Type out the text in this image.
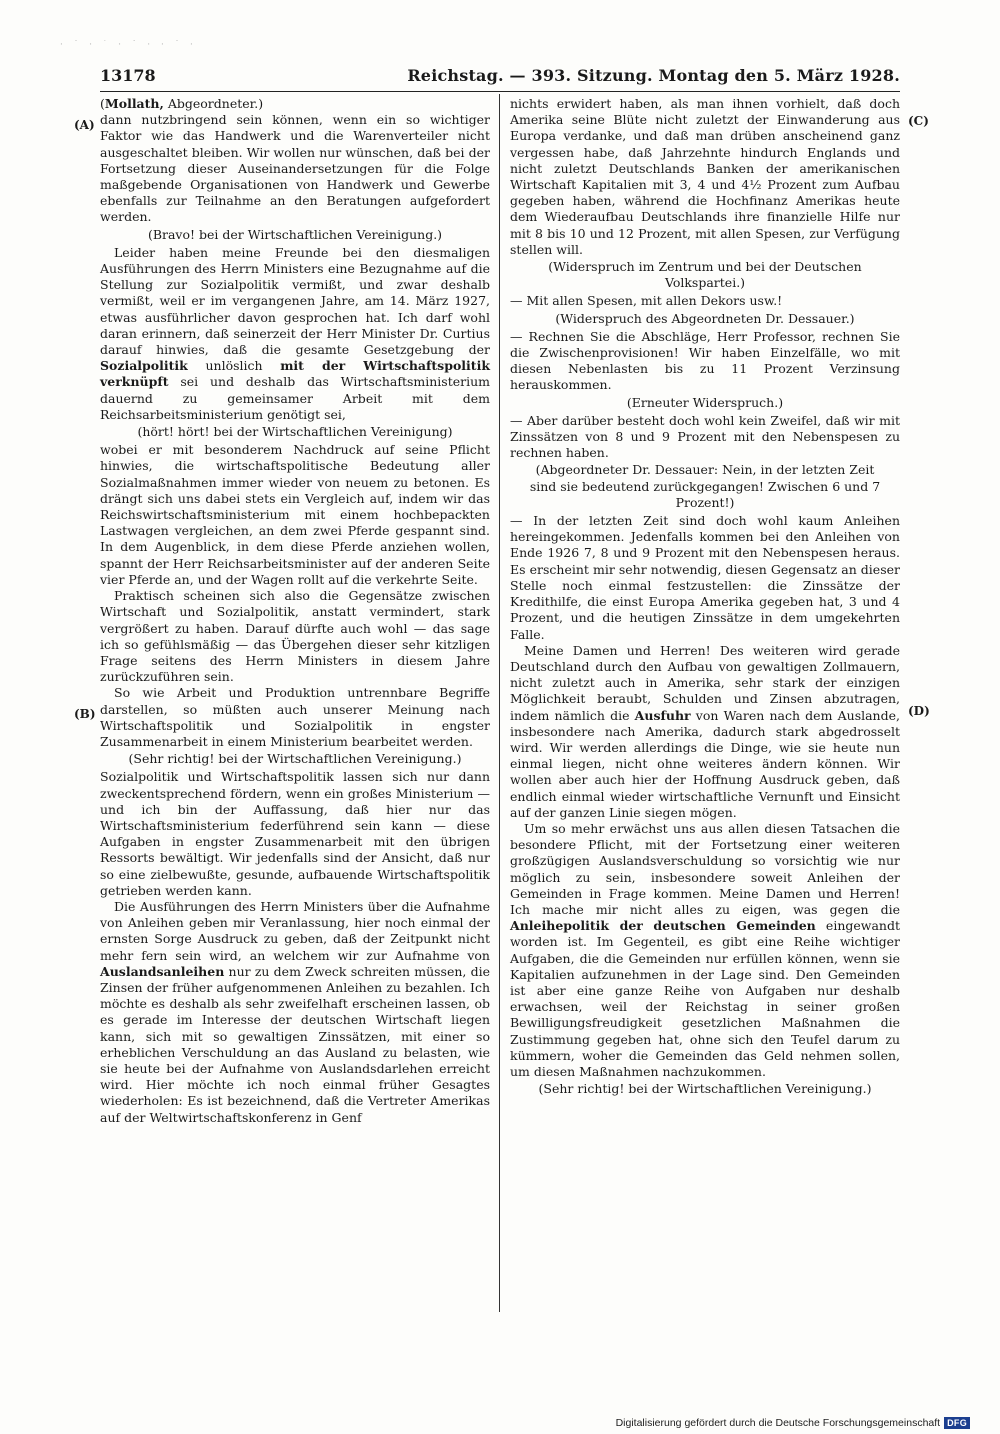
· ˙ · ` · ˙ · · ˙ ·
13178	Reichstag. — 393. Sitzung. Montag den 5. März 1928.
(A)
(B)
(C)
(D)
(Mollath, Abgeordneter.)

dann nutzbringend sein können, wenn ein so wichtiger Faktor wie das Handwerk und die Warenverteiler nicht ausgeschaltet bleiben. Wir wollen nur wünschen, daß bei der Fortsetzung dieser Auseinandersetzungen für die Folge maßgebende Organisationen von Handwerk und Gewerbe ebenfalls zur Teilnahme an den Beratungen aufgefordert werden.

(Bravo! bei der Wirtschaftlichen Vereinigung.)

Leider haben meine Freunde bei den diesmaligen Ausführungen des Herrn Ministers eine Bezugnahme auf die Stellung zur Sozialpolitik vermißt, und zwar deshalb vermißt, weil er im vergangenen Jahre, am 14. März 1927, etwas ausführlicher davon gesprochen hat. Ich darf wohl daran erinnern, daß seinerzeit der Herr Minister Dr. Curtius darauf hinwies, daß die gesamte Gesetzgebung der Sozialpolitik unlöslich mit der Wirtschaftspolitik verknüpft sei und deshalb das Wirtschaftsministerium dauernd zu gemeinsamer Arbeit mit dem Reichsarbeitsministerium genötigt sei,

(hört! hört! bei der Wirtschaftlichen Vereinigung)

wobei er mit besonderem Nachdruck auf seine Pflicht hinwies, die wirtschaftspolitische Bedeutung aller Sozialmaßnahmen immer wieder von neuem zu betonen. Es drängt sich uns dabei stets ein Vergleich auf, indem wir das Reichswirtschaftsministerium mit einem hochbepackten Lastwagen vergleichen, an dem zwei Pferde gespannt sind. In dem Augenblick, in dem diese Pferde anziehen wollen, spannt der Herr Reichsarbeitsminister auf der anderen Seite vier Pferde an, und der Wagen rollt auf die verkehrte Seite.

Praktisch scheinen sich also die Gegensätze zwischen Wirtschaft und Sozialpolitik, anstatt vermindert, stark vergrößert zu haben. Darauf dürfte auch wohl — das sage ich so gefühlsmäßig — das Übergehen dieser sehr kitzligen Frage seitens des Herrn Ministers in diesem Jahre zurückzuführen sein.

So wie Arbeit und Produktion untrennbare Begriffe darstellen, so müßten auch unserer Meinung nach Wirtschaftspolitik und Sozialpolitik in engster Zusammenarbeit in einem Ministerium bearbeitet werden.

(Sehr richtig! bei der Wirtschaftlichen Vereinigung.)

Sozialpolitik und Wirtschaftspolitik lassen sich nur dann zweckentsprechend fördern, wenn ein großes Ministerium — und ich bin der Auffassung, daß hier nur das Wirtschaftsministerium federführend sein kann — diese Aufgaben in engster Zusammenarbeit mit den übrigen Ressorts bewältigt. Wir jedenfalls sind der Ansicht, daß nur so eine zielbewußte, gesunde, aufbauende Wirtschaftspolitik getrieben werden kann.

Die Ausführungen des Herrn Ministers über die Aufnahme von Anleihen geben mir Veranlassung, hier noch einmal der ernsten Sorge Ausdruck zu geben, daß der Zeitpunkt nicht mehr fern sein wird, an welchem wir zur Aufnahme von Auslandsanleihen nur zu dem Zweck schreiten müssen, die Zinsen der früher aufgenommenen Anleihen zu bezahlen. Ich möchte es deshalb als sehr zweifelhaft erscheinen lassen, ob es gerade im Interesse der deutschen Wirtschaft liegen kann, sich mit so gewaltigen Zinssätzen, mit einer so erheblichen Verschuldung an das Ausland zu belasten, wie sie heute bei der Aufnahme von Auslandsdarlehen erreicht wird. Hier möchte ich noch einmal früher Gesagtes wiederholen: Es ist bezeichnend, daß die Vertreter Amerikas auf der Weltwirtschaftskonferenz in Genf

nichts erwidert haben, als man ihnen vorhielt, daß doch Amerika seine Blüte nicht zuletzt der Einwanderung aus Europa verdanke, und daß man drüben anscheinend ganz vergessen habe, daß Jahrzehnte hindurch Englands und nicht zuletzt Deutschlands Banken der amerikanischen Wirtschaft Kapitalien mit 3, 4 und 4½ Prozent zum Aufbau gegeben haben, während die Hochfinanz Amerikas heute dem Wiederaufbau Deutschlands ihre finanzielle Hilfe nur mit 8 bis 10 und 12 Prozent, mit allen Spesen, zur Verfügung stellen will.

(Widerspruch im Zentrum und bei der Deutschen Volkspartei.)

— Mit allen Spesen, mit allen Dekors usw.!

(Widerspruch des Abgeordneten Dr. Dessauer.)

— Rechnen Sie die Abschläge, Herr Professor, rechnen Sie die Zwischenprovisionen! Wir haben Einzelfälle, wo mit diesen Nebenlasten bis zu 11 Prozent Verzinsung herauskommen.

(Erneuter Widerspruch.)

— Aber darüber besteht doch wohl kein Zweifel, daß wir mit Zinssätzen von 8 und 9 Prozent mit den Nebenspesen zu rechnen haben.

(Abgeordneter Dr. Dessauer: Nein, in der letzten Zeit sind sie bedeutend zurückgegangen! Zwischen 6 und 7 Prozent!)

— In der letzten Zeit sind doch wohl kaum Anleihen hereingekommen. Jedenfalls kommen bei den Anleihen von Ende 1926 7, 8 und 9 Prozent mit den Nebenspesen heraus. Es erscheint mir sehr notwendig, diesen Gegensatz an dieser Stelle noch einmal festzustellen: die Zinssätze der Kredithilfe, die einst Europa Amerika gegeben hat, 3 und 4 Prozent, und die heutigen Zinssätze in dem umgekehrten Falle.

Meine Damen und Herren! Des weiteren wird gerade Deutschland durch den Aufbau von gewaltigen Zollmauern, nicht zuletzt auch in Amerika, sehr stark der einzigen Möglichkeit beraubt, Schulden und Zinsen abzutragen, indem nämlich die Ausfuhr von Waren nach dem Auslande, insbesondere nach Amerika, dadurch stark abgedrosselt wird. Wir werden allerdings die Dinge, wie sie heute nun einmal liegen, nicht ohne weiteres ändern können. Wir wollen aber auch hier der Hoffnung Ausdruck geben, daß endlich einmal wieder wirtschaftliche Vernunft und Einsicht auf der ganzen Linie siegen mögen.

Um so mehr erwächst uns aus allen diesen Tatsachen die besondere Pflicht, mit der Fortsetzung einer weiteren großzügigen Auslandsverschuldung so vorsichtig wie nur möglich zu sein, insbesondere soweit Anleihen der Gemeinden in Frage kommen. Meine Damen und Herren! Ich mache mir nicht alles zu eigen, was gegen die Anleihepolitik der deutschen Gemeinden eingewandt worden ist. Im Gegenteil, es gibt eine Reihe wichtiger Aufgaben, die die Gemeinden nur erfüllen können, wenn sie Kapitalien aufzunehmen in der Lage sind. Den Gemeinden ist aber eine ganze Reihe von Aufgaben nur deshalb erwachsen, weil der Reichstag in seiner großen Bewilligungsfreudigkeit gesetzlichen Maßnahmen die Zustimmung gegeben hat, ohne sich den Teufel darum zu kümmern, woher die Gemeinden das Geld nehmen sollen, um diesen Maßnahmen nachzukommen.

(Sehr richtig! bei der Wirtschaftlichen Vereinigung.)

Digitalisierung gefördert durch die Deutsche Forschungsgemeinschaft DFG
